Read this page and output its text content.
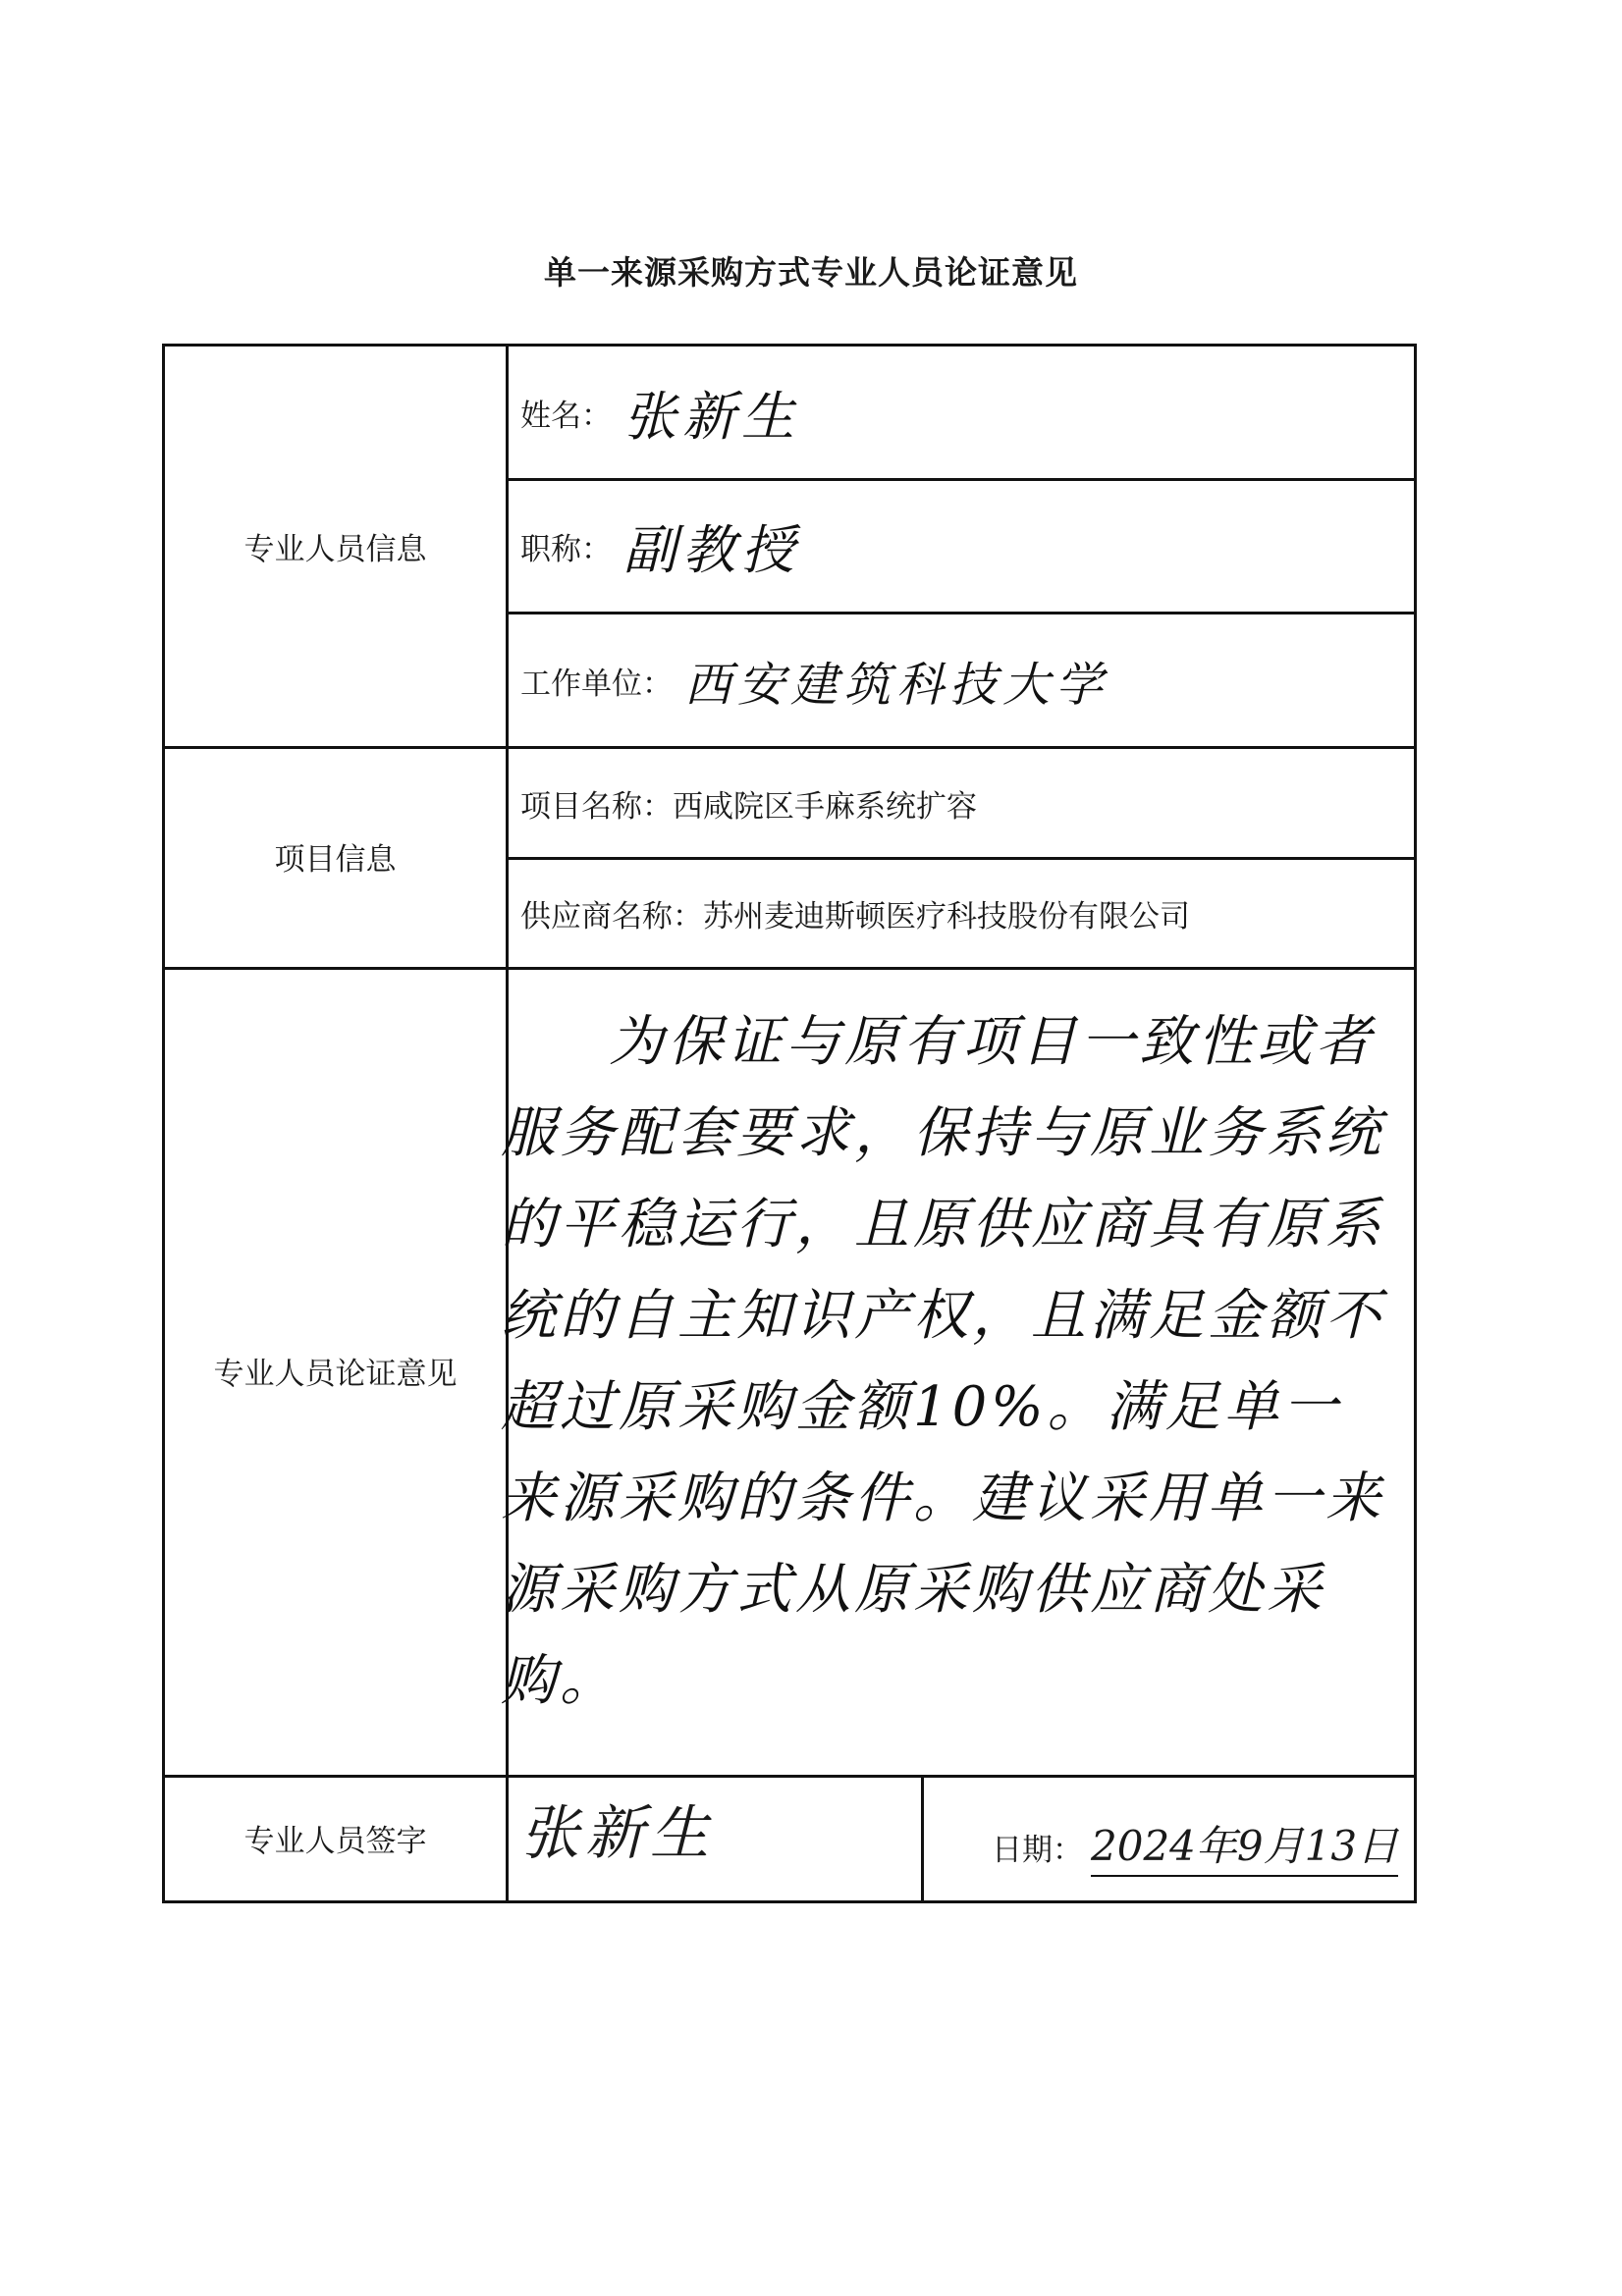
单一来源采购方式专业人员论证意见
专业人员信息
项目信息
专业人员论证意见
专业人员签字
姓名： 张新生
职称： 副教授
工作单位： 西安建筑科技大学
项目名称： 西咸院区手麻系统扩容
供应商名称： 苏州麦迪斯顿医疗科技股份有限公司
为保证与原有项目一致性或者服务配套要求，保持与原业务系统的平稳运行，且原供应商具有原系统的自主知识产权，且满足金额不超过原采购金额10%。满足单一来源采购的条件。建议采用单一来源采购方式从原采购供应商处采购。
张新生	日期： 2024年9月13日
